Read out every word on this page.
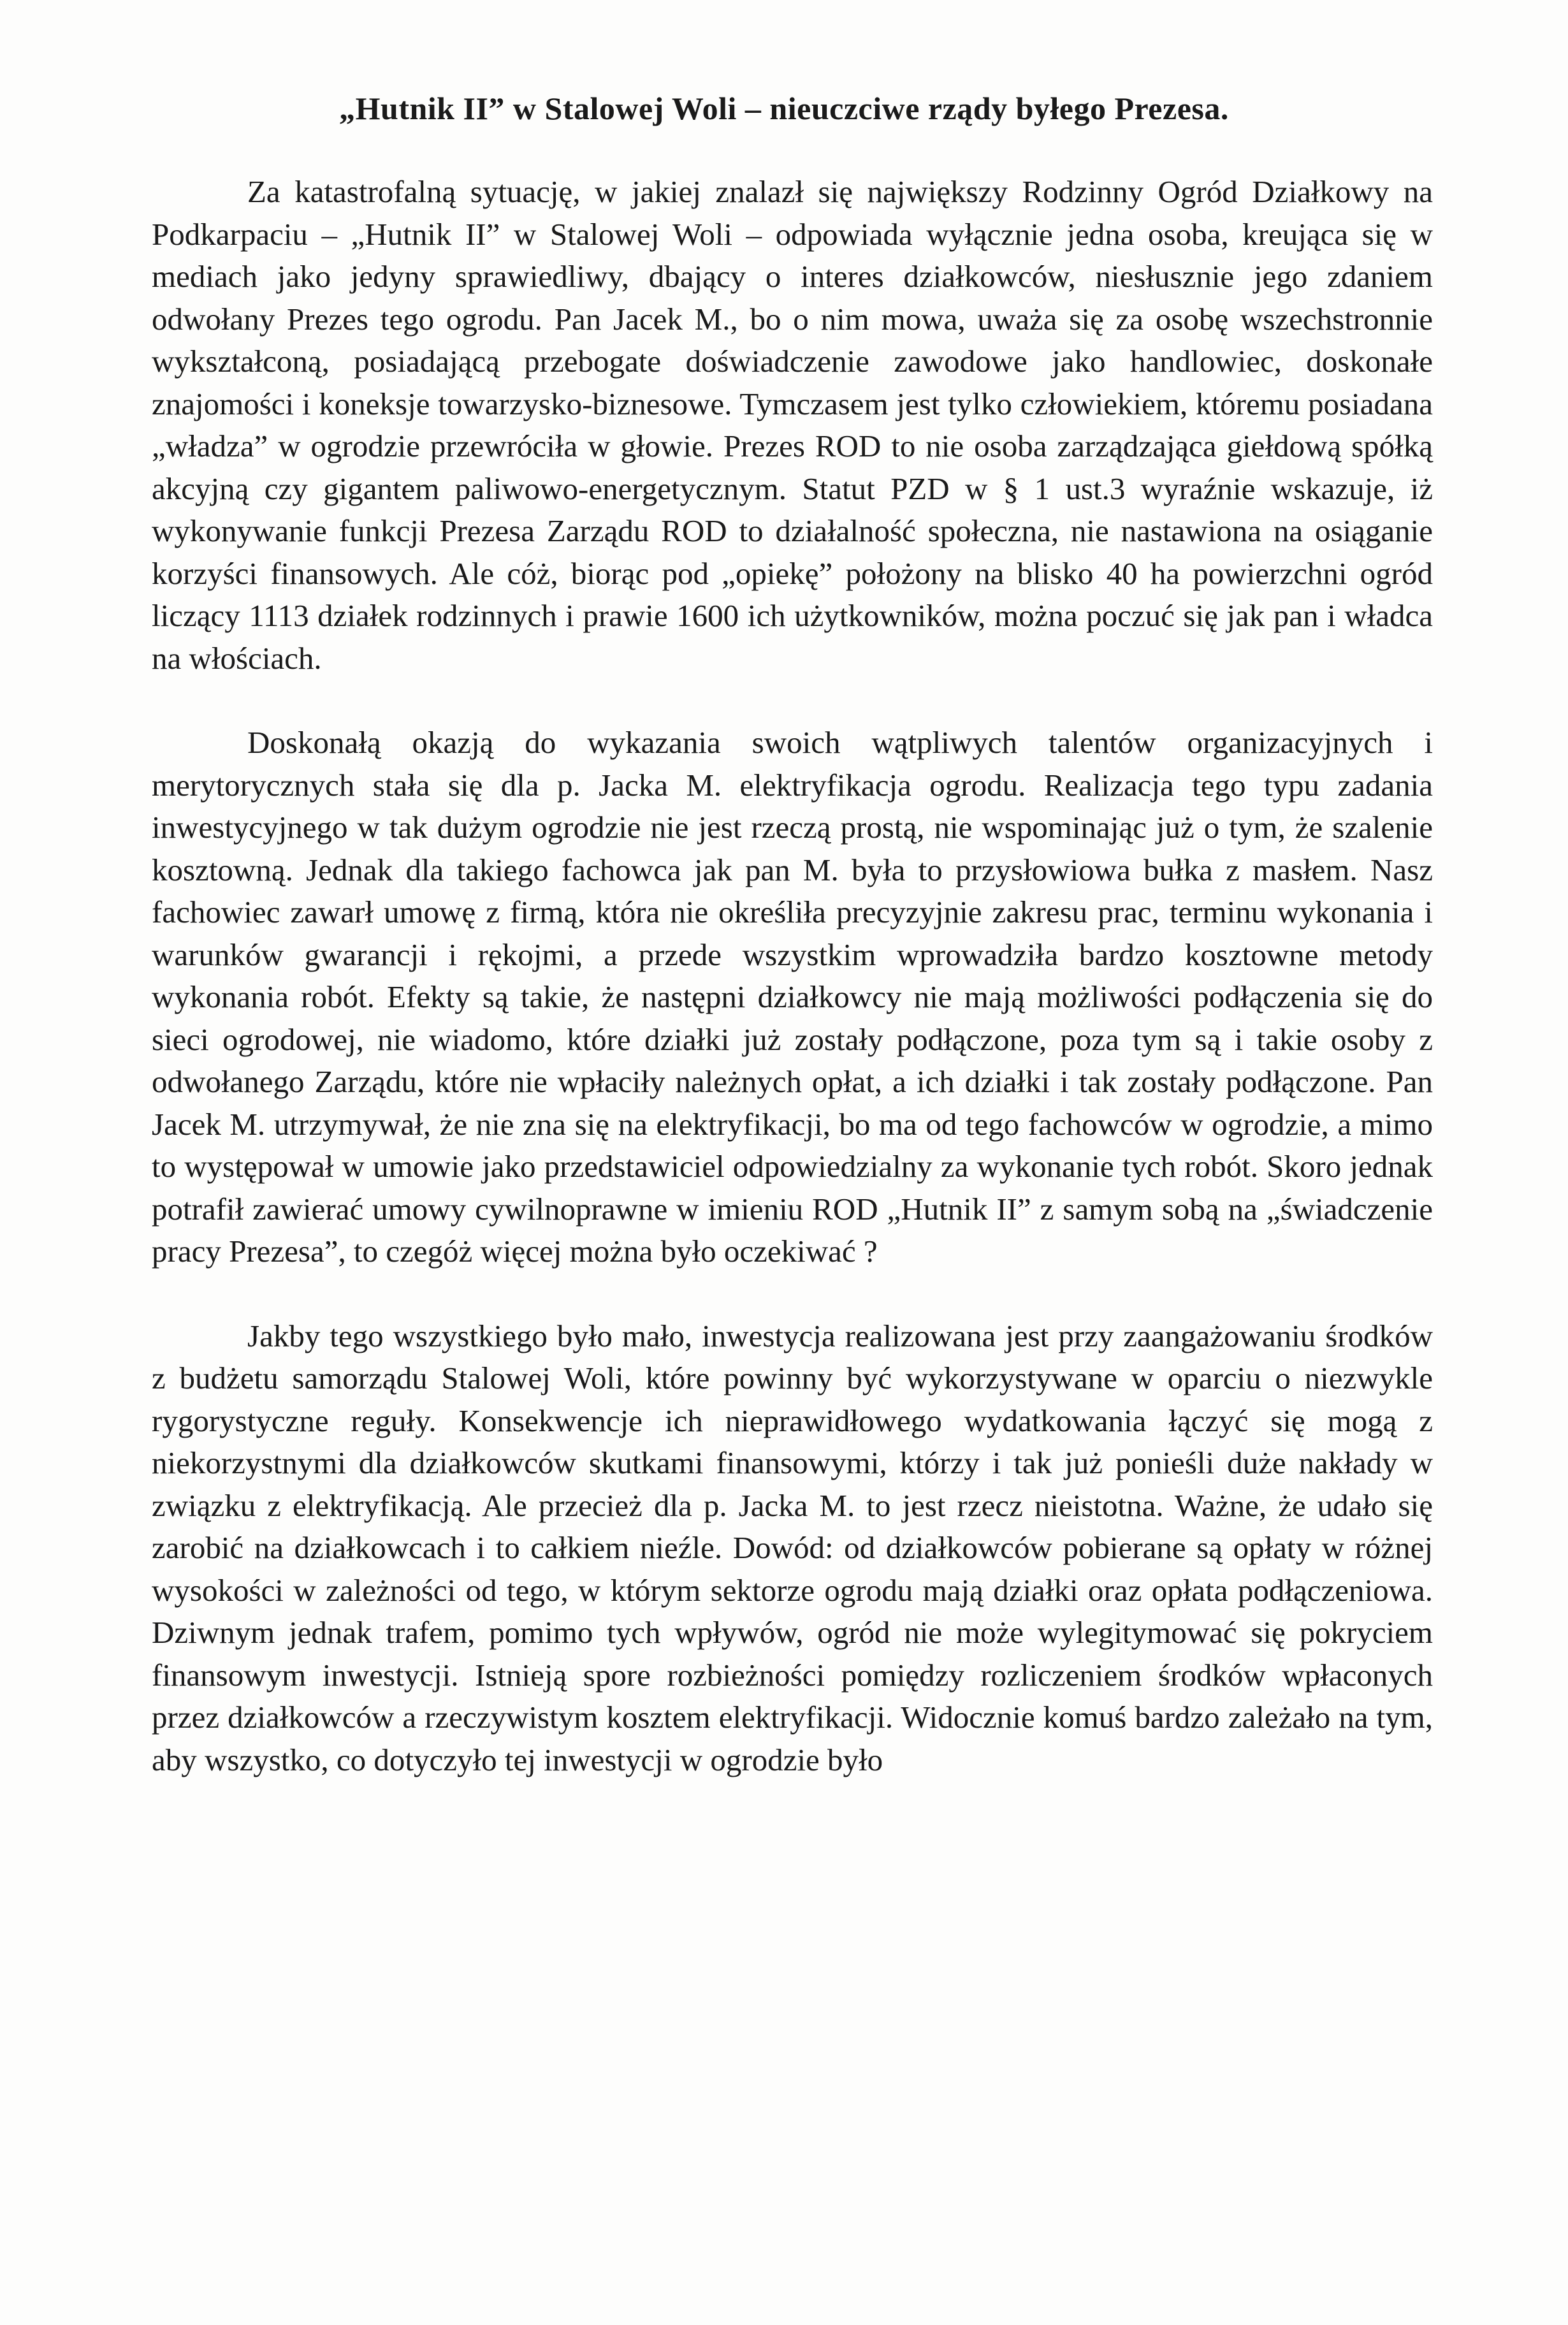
„Hutnik II” w Stalowej Woli – nieuczciwe rządy byłego Prezesa.

Za katastrofalną sytuację, w jakiej znalazł się największy Rodzinny Ogród Działkowy na Podkarpaciu – „Hutnik II” w Stalowej Woli – odpowiada wyłącznie jedna osoba, kreująca się w mediach jako jedyny sprawiedliwy, dbający o interes działkowców, niesłusznie jego zdaniem odwołany Prezes tego ogrodu. Pan Jacek M., bo o nim mowa, uważa się za osobę wszechstronnie wykształconą, posiadającą przebogate doświadczenie zawodowe jako handlowiec, doskonałe znajomości i koneksje towarzysko-biznesowe. Tymczasem jest tylko człowiekiem, któremu posiadana „władza” w ogrodzie przewróciła w głowie. Prezes ROD to nie osoba zarządzająca giełdową spółką akcyjną czy gigantem paliwowo-energetycznym. Statut PZD w § 1 ust.3 wyraźnie wskazuje, iż wykonywanie funkcji Prezesa Zarządu ROD to działalność społeczna, nie nastawiona na osiąganie korzyści finansowych. Ale cóż, biorąc pod „opiekę” położony na blisko 40 ha powierzchni ogród liczący 1113 działek rodzinnych i prawie 1600 ich użytkowników, można poczuć się jak pan i władca na włościach.

Doskonałą okazją do wykazania swoich wątpliwych talentów organizacyjnych i merytorycznych stała się dla p. Jacka M. elektryfikacja ogrodu. Realizacja tego typu zadania inwestycyjnego w tak dużym ogrodzie nie jest rzeczą prostą, nie wspominając już o tym, że szalenie kosztowną. Jednak dla takiego fachowca jak pan M. była to przysłowiowa bułka z masłem. Nasz fachowiec zawarł umowę z firmą, która nie określiła precyzyjnie zakresu prac, terminu wykonania i warunków gwarancji i rękojmi, a przede wszystkim wprowadziła bardzo kosztowne metody wykonania robót. Efekty są takie, że następni działkowcy nie mają możliwości podłączenia się do sieci ogrodowej, nie wiadomo, które działki już zostały podłączone, poza tym są i takie osoby z odwołanego Zarządu, które nie wpłaciły należnych opłat, a ich działki i tak zostały podłączone. Pan Jacek M. utrzymywał, że nie zna się na elektryfikacji, bo ma od tego fachowców w ogrodzie, a mimo to występował w umowie jako przedstawiciel odpowiedzialny za wykonanie tych robót. Skoro jednak potrafił zawierać umowy cywilnoprawne w imieniu ROD „Hutnik II” z samym sobą na „świadczenie pracy Prezesa”, to czegóż więcej można było oczekiwać ?

Jakby tego wszystkiego było mało, inwestycja realizowana jest przy zaangażowaniu środków z budżetu samorządu Stalowej Woli, które powinny być wykorzystywane w oparciu o niezwykle rygorystyczne reguły. Konsekwencje ich nieprawidłowego wydatkowania łączyć się mogą z niekorzystnymi dla działkowców skutkami finansowymi, którzy i tak już ponieśli duże nakłady w związku z elektryfikacją. Ale przecież dla p. Jacka M. to jest rzecz nieistotna. Ważne, że udało się zarobić na działkowcach i to całkiem nieźle. Dowód: od działkowców pobierane są opłaty w różnej wysokości w zależności od tego, w którym sektorze ogrodu mają działki oraz opłata podłączeniowa. Dziwnym jednak trafem, pomimo tych wpływów, ogród nie może wylegitymować się pokryciem finansowym inwestycji. Istnieją spore rozbieżności pomiędzy rozliczeniem środków wpłaconych przez działkowców a rzeczywistym kosztem elektryfikacji. Widocznie komuś bardzo zależało na tym, aby wszystko, co dotyczyło tej inwestycji w ogrodzie było
